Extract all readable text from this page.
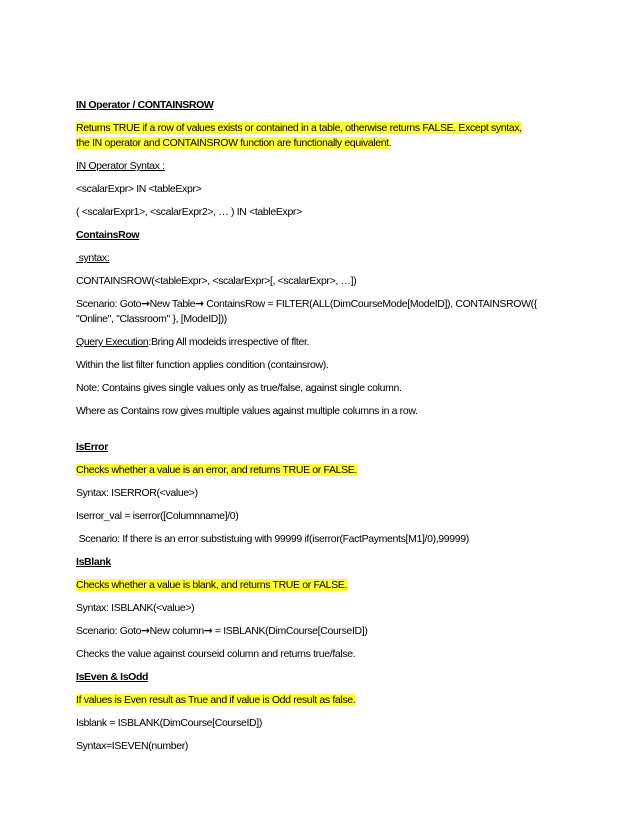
IN Operator / CONTAINSROW
Returns TRUE if a row of values exists or contained in a table, otherwise returns FALSE. Except syntax,
the IN operator and CONTAINSROW function are functionally equivalent.
IN Operator Syntax :
<scalarExpr> IN <tableExpr>
( <scalarExpr1>, <scalarExpr2>, … ) IN <tableExpr>
ContainsRow
syntax:
CONTAINSROW(<tableExpr>, <scalarExpr>[, <scalarExpr>, …])
Scenario: Goto→New Table→ ContainsRow = FILTER(ALL(DimCourseMode[ModeID]), CONTAINSROW({
"Online", "Classroom" }, [ModeID]))
Query Execution:Bring All modeids irrespective of flter.
Within the list filter function applies condition (containsrow).
Note: Contains gives single values only as true/false, against single column.
Where as Contains row gives multiple values against multiple columns in a row.
IsError
Checks whether a value is an error, and returns TRUE or FALSE.
Syntax: ISERROR(<value>)
Iserror_val = iserror([Columnname]/0)
Scenario: If there is an error substistuing with 99999 if(iserror(FactPayments[M1]/0),99999)
IsBlank
Checks whether a value is blank, and returns TRUE or FALSE.
Syntax: ISBLANK(<value>)
Scenario: Goto→New column→ = ISBLANK(DimCourse[CourseID])
Checks the value against courseid column and returns true/false.
IsEven & IsOdd
If values is Even result as True and if value is Odd result as false.
Isblank = ISBLANK(DimCourse[CourseID])
Syntax=ISEVEN(number)
